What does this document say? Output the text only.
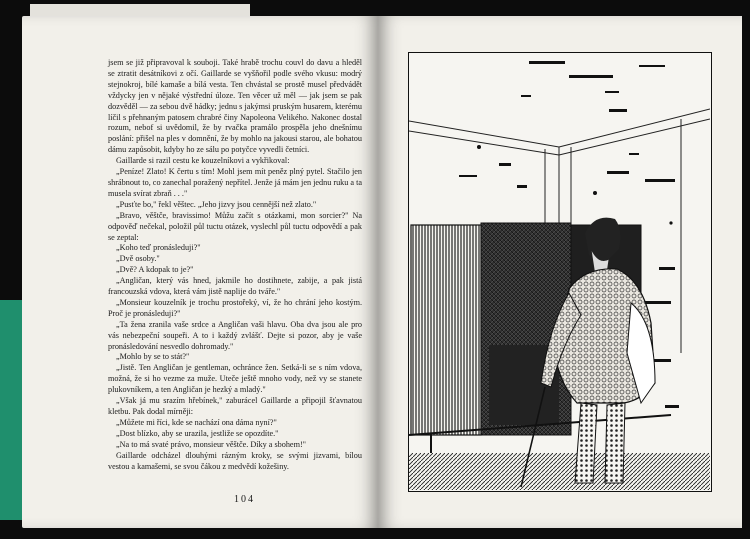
jsem se již připravoval k souboji. Také hrabě trochu couvl do davu a hleděl se ztratit desátníkovi z očí. Gaillarde se vyšňořil podle svého vkusu: modrý stejnokroj, bílé kamaše a bílá vesta. Ten chvástal se prostě musel předvádět vždycky jen v nějaké výstřední úloze. Ten věcer už měl — jak jsem se pak dozvěděl — za sebou dvě hádky; jednu s jakýmsi pruským husarem, kterému líčil s přehnaným patosem chrabré činy Napoleona Velikého. Nakonec dostal rozum, nebof si uvědomil, že by rvačka pramálo prospěla jeho dnešnímu poslání: přišel na ples v domnění, že by mohlo na jakousi starou, ale bohatou dámu zapůsobit, kdyby ho ze sálu po potyčce vyvedli četníci.

Gaillarde si razil cestu ke kouzelníkovi a vykřikoval:

„Peníze! Zlato! K čertu s tím! Mohl jsem mít peněz plný pytel. Stačilo jen shrábnout to, co zanechal poražený nepřítel. Jenže já mám jen jednu ruku a ta musela svírat zbraň . . ."

„Pusťte bo," řekl věštec. „Jeho jizvy jsou cennější než zlato."

„Bravo, věštče, bravissimo! Můžu začít s otázkami, mon sorcier?" Na odpověď nečekal, položil půl tuctu otázek, vyslechl půl tuctu odpovědí a pak se zeptal:

„Koho teď pronásleduji?"

„Dvě osoby."

„Dvě? A kdopak to je?"

„Angličan, který vás hned, jakmile ho dostihnete, zabije, a pak jistá francouzská vdova, která vám jistě naplije do tváře."

„Monsieur kouzelník je trochu prostořeký, ví, že ho chrání jeho kostým. Proč je pronásleduji?"

„Ta žena zranila vaše srdce a Angličan vaši hlavu. Oba dva jsou ale pro vás nebezpeční soupeři. A to i každý zvlášť. Dejte si pozor, aby je vaše pronásledování nesvedlo dohromady."

„Mohlo by se to stát?"

„Jistě. Ten Angličan je gentleman, ochránce žen. Setká-li se s ním vdova, možná, že si ho vezme za muže. Uteče ještě mnoho vody, než vy se stanete plukovníkem, a ten Angličan je hezký a mladý."

„Však já mu srazím hřebínek," zaburácel Gaillarde a připojil šťavnatou kletbu. Pak dodal mírněji:

„Můžete mi říci, kde se nachází ona dáma nyní?"

„Dost blízko, aby se urazila, jestliže se opozdíte."

„Na to má svaté právo, monsieur věštče. Díky a sbohem!"

Gaillarde odcházel dlouhými rázným kroky, se svými jizvami, bílou vestou a kamašemi, se svou čákou z medvědí kožešiny.

104
